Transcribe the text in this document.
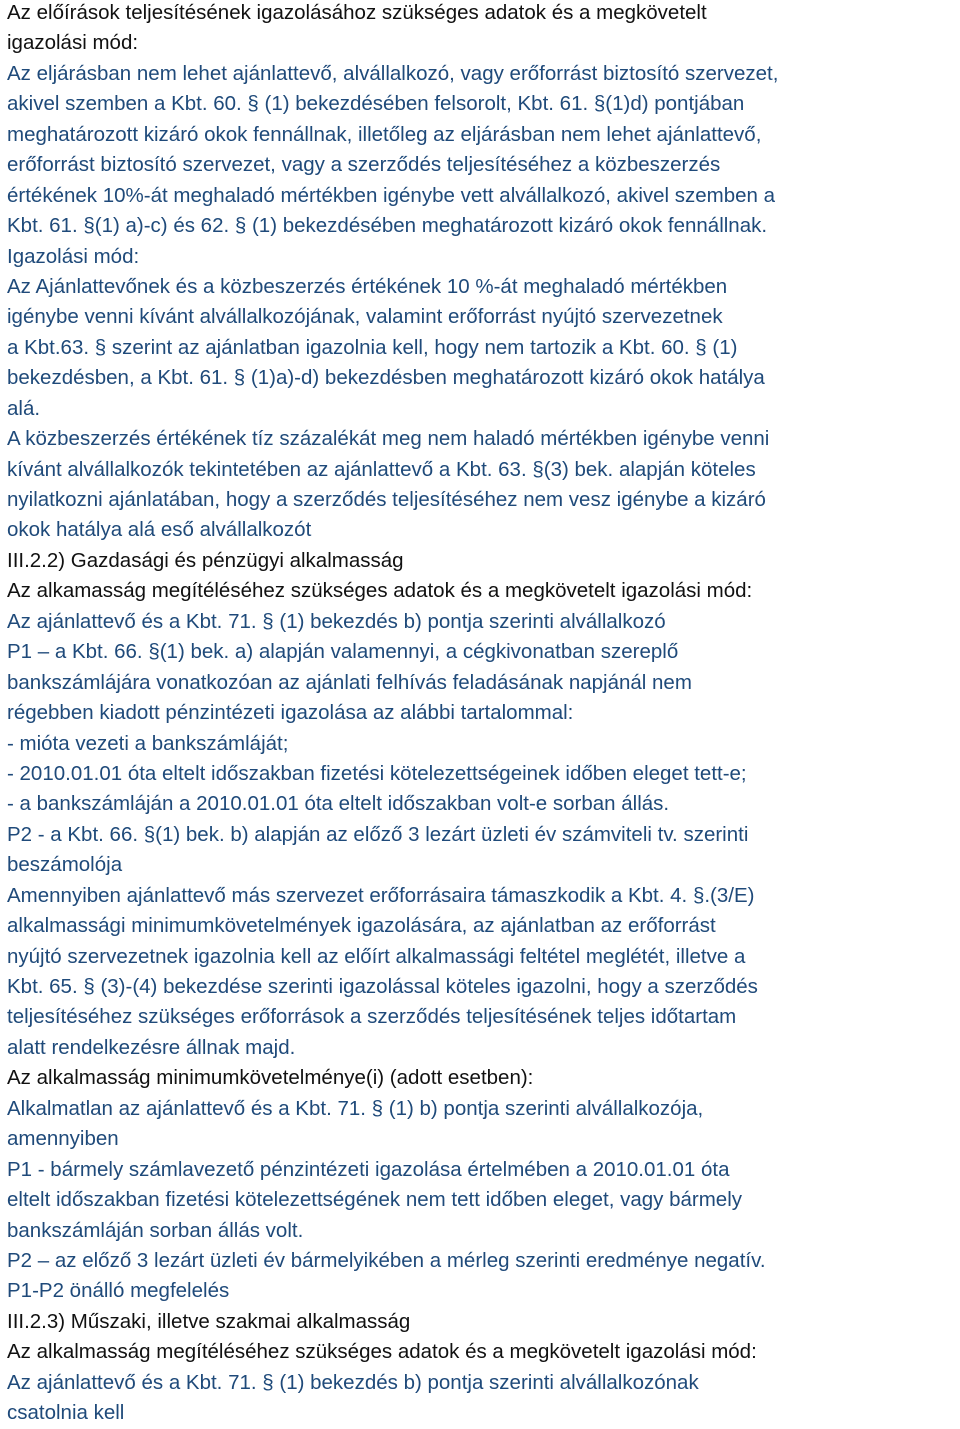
Az előírások teljesítésének igazolásához szükséges adatok és a megkövetelt
igazolási mód:
Az eljárásban nem lehet ajánlattevő, alvállalkozó, vagy erőforrást biztosító szervezet,
akivel szemben a Kbt. 60. § (1) bekezdésében felsorolt, Kbt. 61. §(1)d) pontjában
meghatározott kizáró okok fennállnak, illetőleg az eljárásban nem lehet ajánlattevő,
erőforrást biztosító szervezet, vagy a szerződés teljesítéséhez a közbeszerzés
értékének 10%-át meghaladó mértékben igénybe vett alvállalkozó, akivel szemben a
Kbt. 61. §(1) a)-c) és 62. § (1) bekezdésében meghatározott kizáró okok fennállnak.
Igazolási mód:
Az Ajánlattevőnek és a közbeszerzés értékének 10 %-át meghaladó mértékben
igénybe venni kívánt alvállalkozójának, valamint erőforrást nyújtó szervezetnek
a Kbt.63. § szerint az ajánlatban igazolnia kell, hogy nem tartozik a Kbt. 60. § (1)
bekezdésben, a Kbt. 61. § (1)a)-d) bekezdésben meghatározott kizáró okok hatálya
alá.
A közbeszerzés értékének tíz százalékát meg nem haladó mértékben igénybe venni
kívánt alvállalkozók tekintetében az ajánlattevő a Kbt. 63. §(3) bek. alapján köteles
nyilatkozni ajánlatában, hogy a szerződés teljesítéséhez nem vesz igénybe a kizáró
okok hatálya alá eső alvállalkozót
III.2.2) Gazdasági és pénzügyi alkalmasság
Az alkamasság megítéléséhez szükséges adatok és a megkövetelt igazolási mód:
Az ajánlattevő és a Kbt. 71. § (1) bekezdés b) pontja szerinti alvállalkozó
P1 – a Kbt. 66. §(1) bek. a) alapján valamennyi, a cégkivonatban szereplő
bankszámlájára vonatkozóan az ajánlati felhívás feladásának napjánál nem
régebben kiadott pénzintézeti igazolása az alábbi tartalommal:
- mióta vezeti a bankszámláját;
- 2010.01.01 óta eltelt időszakban fizetési kötelezettségeinek időben eleget tett-e;
- a bankszámláján a 2010.01.01 óta eltelt időszakban volt-e sorban állás.
P2 - a Kbt. 66. §(1) bek. b) alapján az előző 3 lezárt üzleti év számviteli tv. szerinti
beszámolója
Amennyiben ajánlattevő más szervezet erőforrásaira támaszkodik a Kbt. 4. §.(3/E)
alkalmassági minimumkövetelmények igazolására, az ajánlatban az erőforrást
nyújtó szervezetnek igazolnia kell az előírt alkalmassági feltétel meglétét, illetve a
Kbt. 65. § (3)-(4) bekezdése szerinti igazolással köteles igazolni, hogy a szerződés
teljesítéséhez szükséges erőforrások a szerződés teljesítésének teljes időtartam
alatt rendelkezésre állnak majd.
Az alkalmasság minimumkövetelménye(i) (adott esetben):
Alkalmatlan az ajánlattevő és a Kbt. 71. § (1) b) pontja szerinti alvállalkozója,
amennyiben
P1 - bármely számlavezető pénzintézeti igazolása értelmében a 2010.01.01 óta
eltelt időszakban fizetési kötelezettségének nem tett időben eleget, vagy bármely
bankszámláján sorban állás volt.
P2 – az előző 3 lezárt üzleti év bármelyikében a mérleg szerinti eredménye negatív.
P1-P2 önálló megfelelés
III.2.3) Műszaki, illetve szakmai alkalmasság
Az alkalmasság megítéléséhez szükséges adatok és a megkövetelt igazolási mód:
Az ajánlattevő és a Kbt. 71. § (1) bekezdés b) pontja szerinti alvállalkozónak
csatolnia kell
